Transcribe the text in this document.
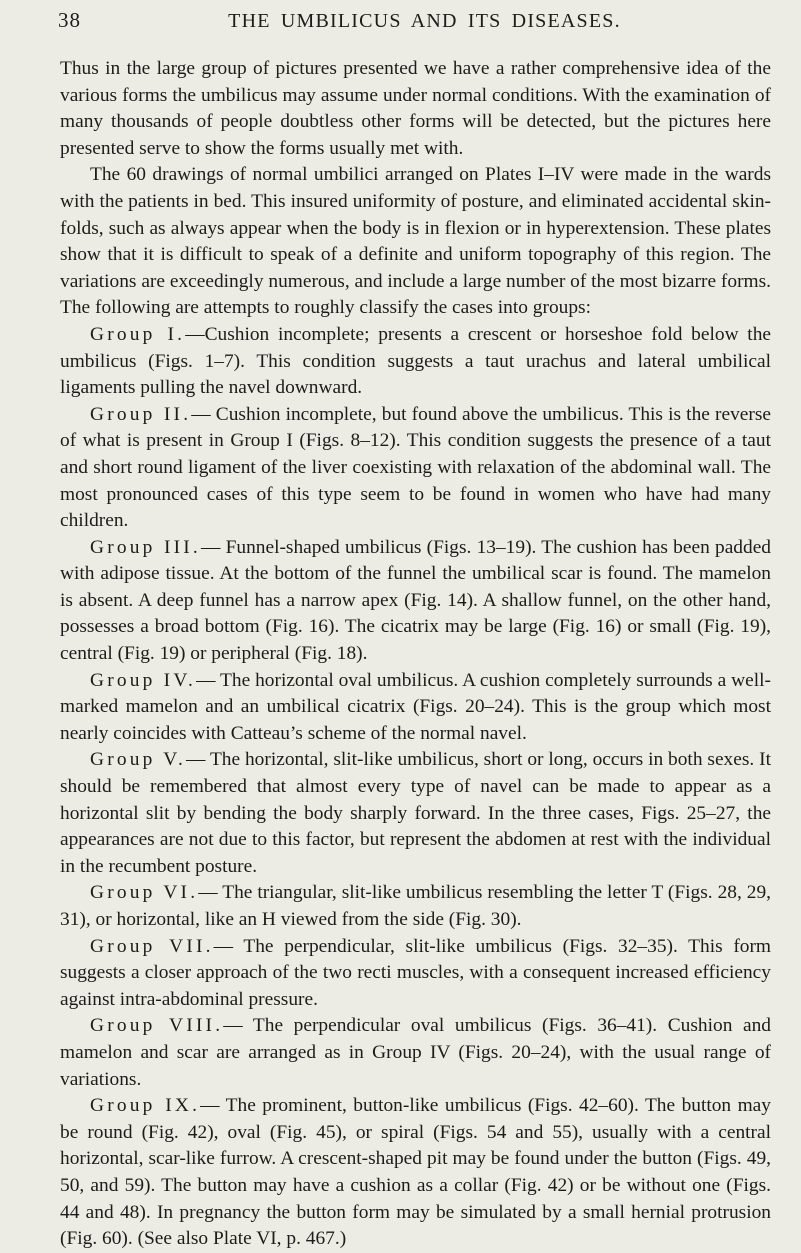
38	THE UMBILICUS AND ITS DISEASES.

Thus in the large group of pictures presented we have a rather comprehensive idea of the various forms the umbilicus may assume under normal conditions. With the examination of many thousands of people doubtless other forms will be detected, but the pictures here presented serve to show the forms usually met with.

The 60 drawings of normal umbilici arranged on Plates I–IV were made in the wards with the patients in bed. This insured uniformity of posture, and eliminated accidental skin-folds, such as always appear when the body is in flexion or in hyperextension. These plates show that it is difficult to speak of a definite and uniform topography of this region. The variations are exceedingly numerous, and include a large number of the most bizarre forms. The following are attempts to roughly classify the cases into groups:

Group I.—Cushion incomplete; presents a crescent or horseshoe fold below the umbilicus (Figs. 1–7). This condition suggests a taut urachus and lateral umbilical ligaments pulling the navel downward.

Group II.— Cushion incomplete, but found above the umbilicus. This is the reverse of what is present in Group I (Figs. 8–12). This condition suggests the presence of a taut and short round ligament of the liver coexisting with relaxation of the abdominal wall. The most pronounced cases of this type seem to be found in women who have had many children.

Group III.— Funnel-shaped umbilicus (Figs. 13–19). The cushion has been padded with adipose tissue. At the bottom of the funnel the umbilical scar is found. The mamelon is absent. A deep funnel has a narrow apex (Fig. 14). A shallow funnel, on the other hand, possesses a broad bottom (Fig. 16). The cicatrix may be large (Fig. 16) or small (Fig. 19), central (Fig. 19) or peripheral (Fig. 18).

Group IV.— The horizontal oval umbilicus. A cushion completely surrounds a well-marked mamelon and an umbilical cicatrix (Figs. 20–24). This is the group which most nearly coincides with Catteau’s scheme of the normal navel.

Group V.— The horizontal, slit-like umbilicus, short or long, occurs in both sexes. It should be remembered that almost every type of navel can be made to appear as a horizontal slit by bending the body sharply forward. In the three cases, Figs. 25–27, the appearances are not due to this factor, but represent the abdomen at rest with the individual in the recumbent posture.

Group VI.— The triangular, slit-like umbilicus resembling the letter T (Figs. 28, 29, 31), or horizontal, like an H viewed from the side (Fig. 30).

Group VII.— The perpendicular, slit-like umbilicus (Figs. 32–35). This form suggests a closer approach of the two recti muscles, with a consequent increased efficiency against intra-abdominal pressure.

Group VIII.— The perpendicular oval umbilicus (Figs. 36–41). Cushion and mamelon and scar are arranged as in Group IV (Figs. 20–24), with the usual range of variations.

Group IX.— The prominent, button-like umbilicus (Figs. 42–60). The button may be round (Fig. 42), oval (Fig. 45), or spiral (Figs. 54 and 55), usually with a central horizontal, scar-like furrow. A crescent-shaped pit may be found under the button (Figs. 49, 50, and 59). The button may have a cushion as a collar (Fig. 42) or be without one (Figs. 44 and 48). In pregnancy the button form may be simulated by a small hernial protrusion (Fig. 60). (See also Plate VI, p. 467.)
